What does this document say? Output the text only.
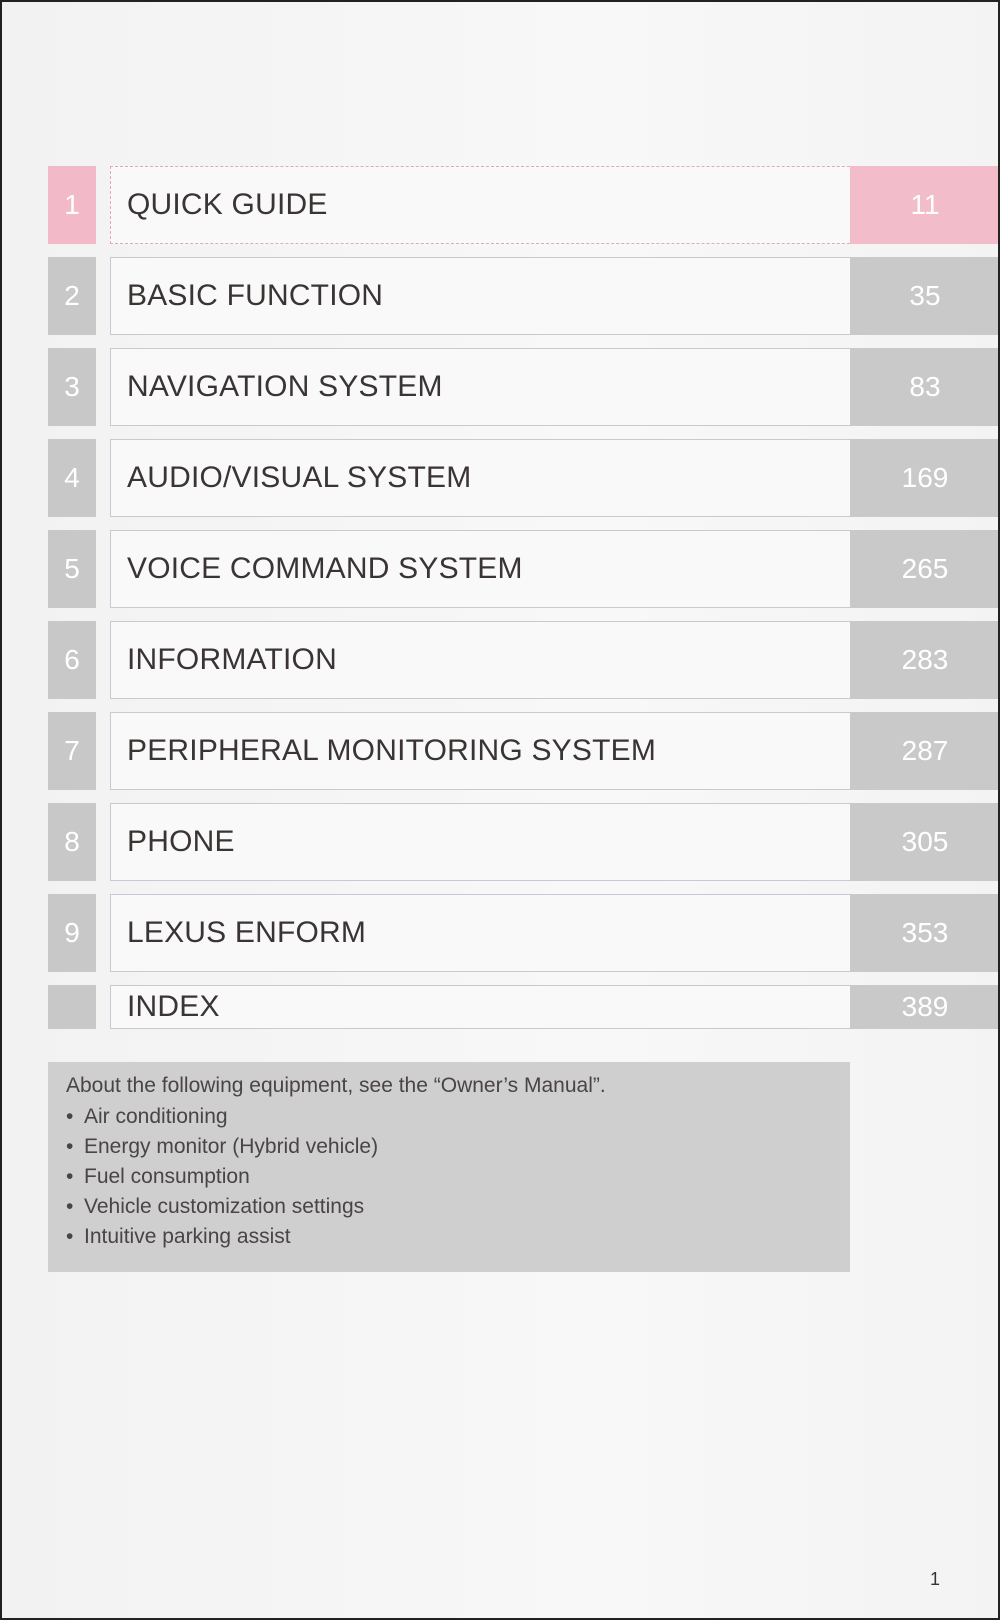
1	QUICK GUIDE	11
2	BASIC FUNCTION	35
3	NAVIGATION SYSTEM	83
4	AUDIO/VISUAL SYSTEM	169
5	VOICE COMMAND SYSTEM	265
6	INFORMATION	283
7	PERIPHERAL MONITORING SYSTEM	287
8	PHONE	305
9	LEXUS ENFORM	353
INDEX	389
About the following equipment, see the “Owner’s Manual”.
• Air conditioning
• Energy monitor (Hybrid vehicle)
• Fuel consumption
• Vehicle customization settings
• Intuitive parking assist
1
